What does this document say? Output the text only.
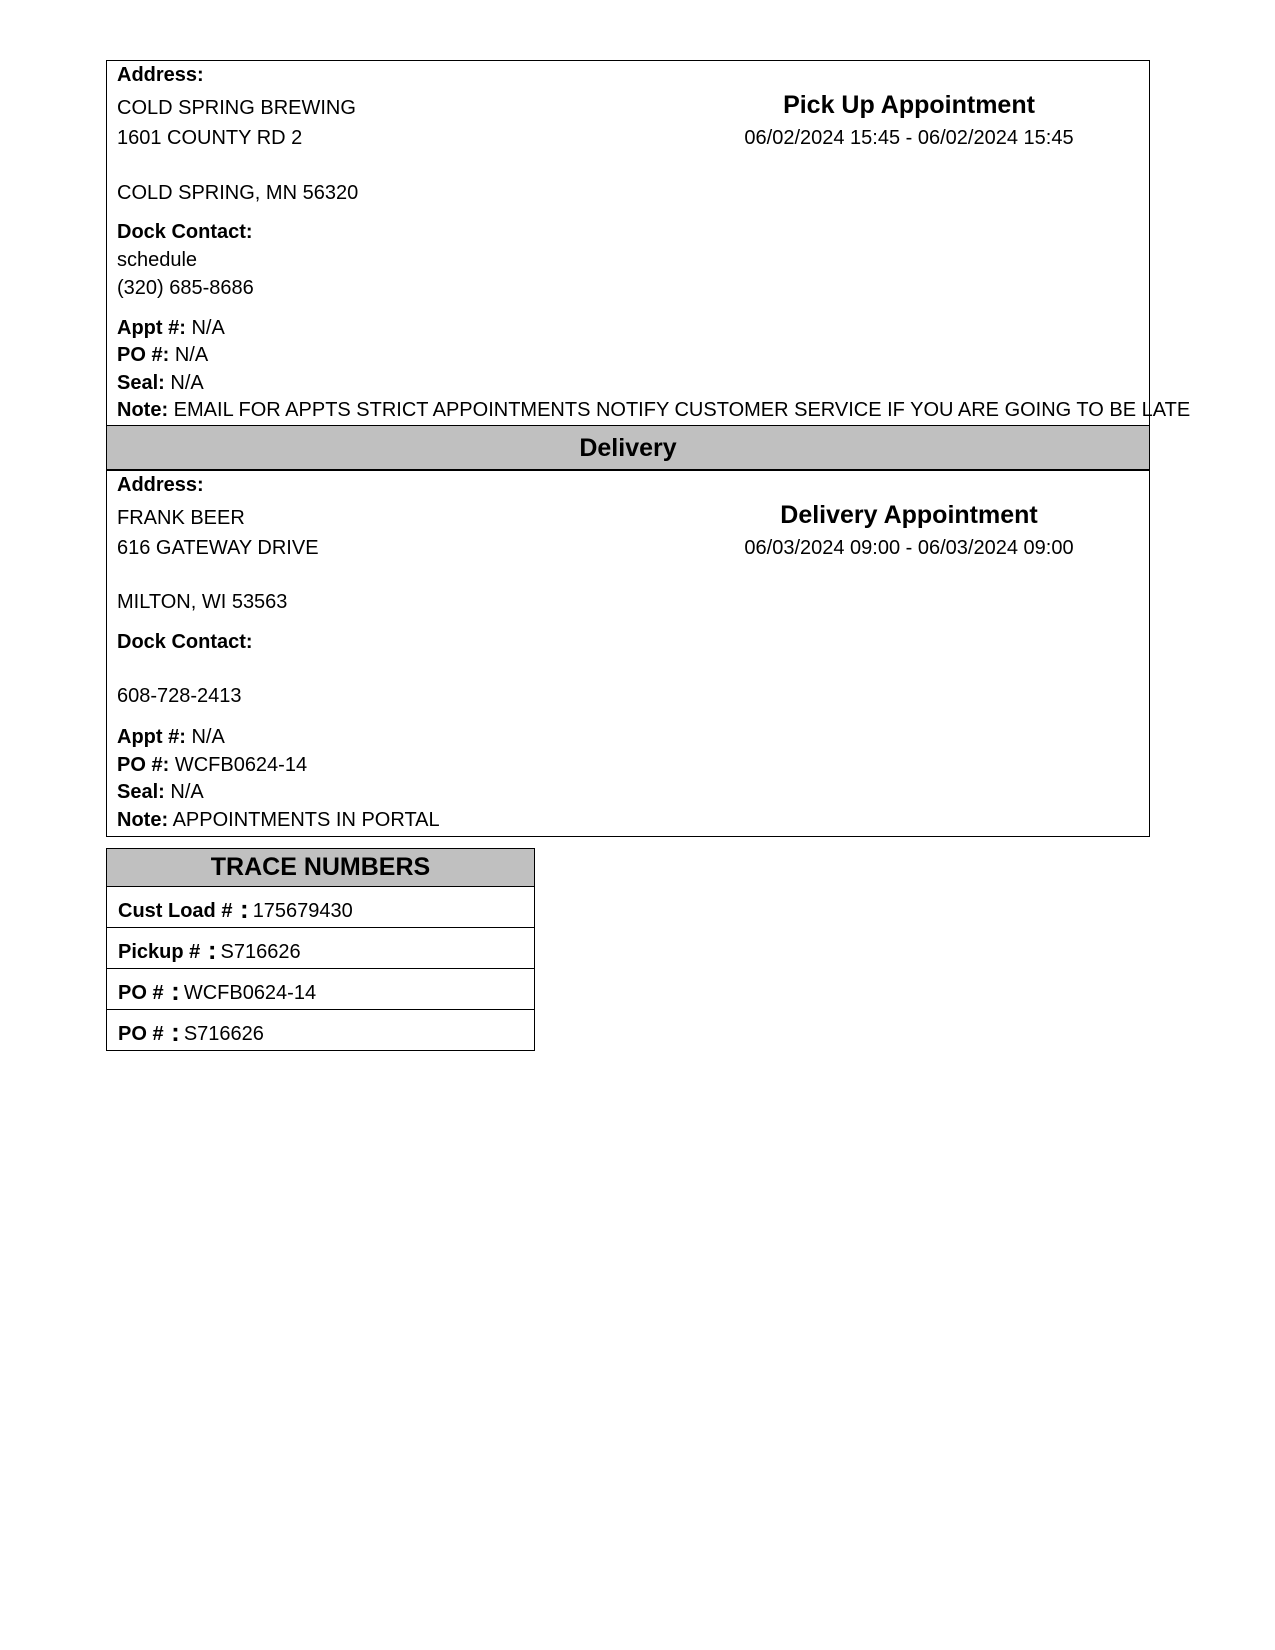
Address:
COLD SPRING BREWING
1601 COUNTY RD 2
COLD SPRING, MN 56320
Pick Up Appointment
06/02/2024 15:45 - 06/02/2024 15:45
Dock Contact:
schedule
(320) 685-8686
Appt #: N/A
PO #: N/A
Seal: N/A
Note: EMAIL FOR APPTS STRICT APPOINTMENTS NOTIFY CUSTOMER SERVICE IF YOU ARE GOING TO BE LATE
Delivery
Address:
FRANK BEER
616 GATEWAY DRIVE
MILTON, WI 53563
Delivery Appointment
06/03/2024 09:00 - 06/03/2024 09:00
Dock Contact:
608-728-2413
Appt #: N/A
PO #: WCFB0624-14
Seal: N/A
Note: APPOINTMENTS IN PORTAL
TRACE NUMBERS
Cust Load # : 175679430
Pickup # : S716626
PO # : WCFB0624-14
PO # : S716626
